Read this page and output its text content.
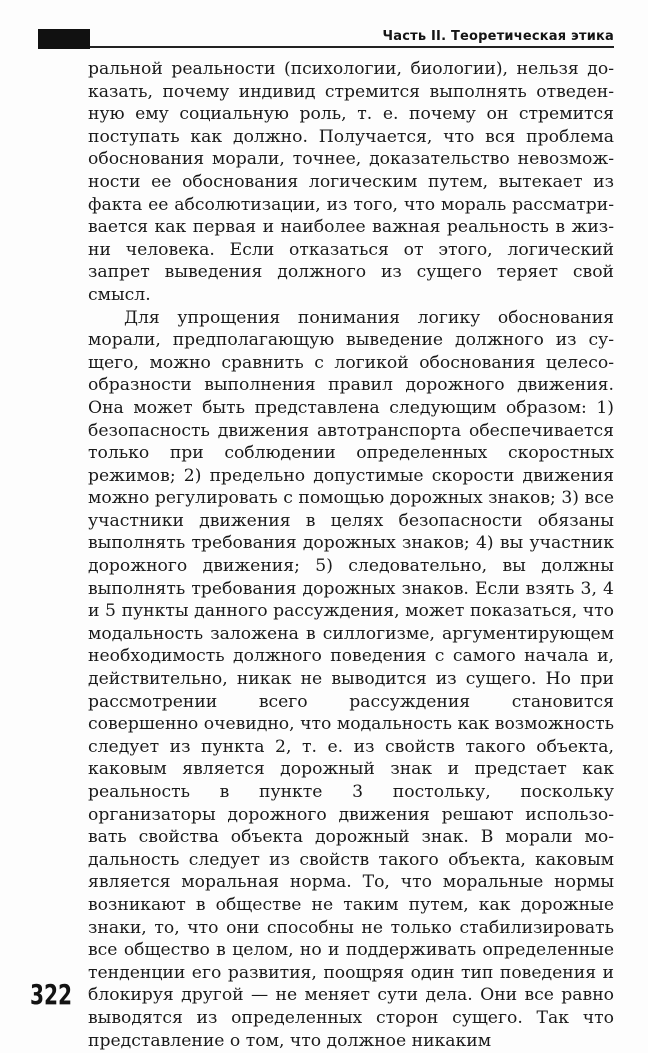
Часть II. Теоретическая этика

ральной реальности (психологии, биологии), нельзя доказать, почему индивид стремится выполнять отведенную ему социальную роль, т. е. почему он стремится поступать как должно. Получается, что вся проблема обоснования морали, точнее, доказательство невозможности ее обоснования логическим путем, вытекает из факта ее абсолютизации, из того, что мораль рассматривается как первая и наиболее важная реальность в жизни человека. Если отказаться от этого, логический запрет выведения должного из сущего теряет свой смысл.

Для упрощения понимания логику обоснования морали, предполагающую выведение должного из сущего, можно сравнить с логикой обоснования целесообразности выполнения правил дорожного движения. Она может быть представлена следующим образом: 1) безопасность движения автотранспорта обеспечивается только при соблюдении определенных скоростных режимов; 2) предельно допустимые скорости движения можно регулировать с помощью дорожных знаков; 3) все участники движения в целях безопасности обязаны выполнять требования дорожных знаков; 4) вы участник дорожного движения; 5) следовательно, вы должны выполнять требования дорожных знаков. Если взять 3, 4 и 5 пункты данного рассуждения, может показаться, что модальность заложена в силлогизме, аргументирующем необходимость должного поведения с самого начала и, действительно, никак не выводится из сущего. Но при рассмотрении всего рассуждения становится совершенно очевидно, что модальность как возможность следует из пункта 2, т. е. из свойств такого объекта, каковым является дорожный знак и предстает как реальность в пункте 3 постольку, поскольку организаторы дорожного движения решают использовать свойства объекта дорожный знак. В морали модальность следует из свойств такого объекта, каковым является моральная норма. То, что моральные нормы возникают в обществе не таким путем, как дорожные знаки, то, что они способны не только стабилизировать все общество в целом, но и поддерживать определенные тенденции его развития, поощряя один тип поведения и блокируя другой — не меняет сути дела. Они все равно выводятся из определенных сторон сущего. Так что представление о том, что должное никаким

322
